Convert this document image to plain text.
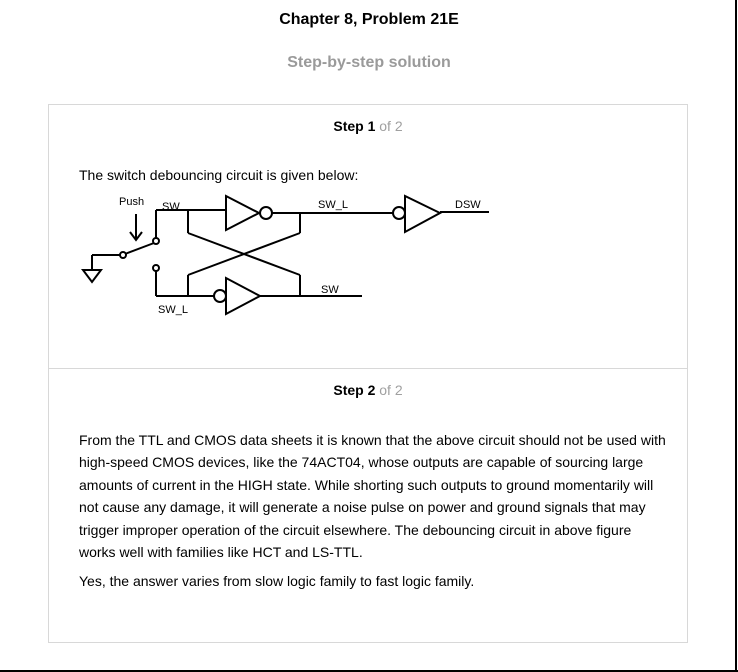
Chapter 8, Problem 21E
Step-by-step solution
Step 1 of 2
The switch debouncing circuit is given below:
Push SW	SW_L	DSW
SW
SW_L
Step 2 of 2

From the TTL and CMOS data sheets it is known that the above circuit should not be used with high-speed CMOS devices, like the 74ACT04, whose outputs are capable of sourcing large amounts of current in the HIGH state. While shorting such outputs to ground momentarily will not cause any damage, it will generate a noise pulse on power and ground signals that may trigger improper operation of the circuit elsewhere. The debouncing circuit in above figure works well with families like HCT and LS-TTL.

Yes, the answer varies from slow logic family to fast logic family.
